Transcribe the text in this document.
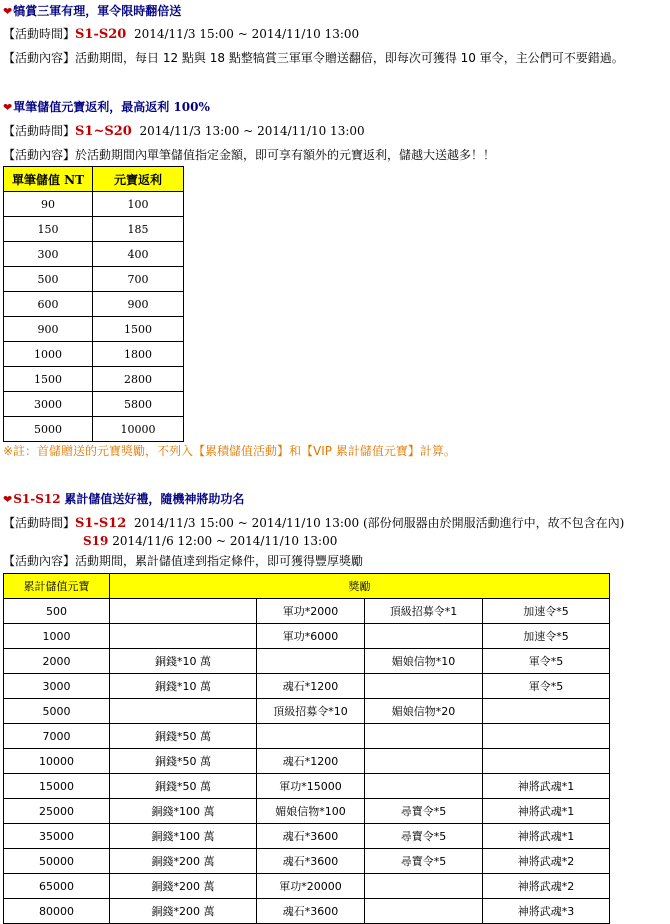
❤犒賞三軍有理，軍令限時翻倍送
【活動時間】S1-S20 2014/11/3 15:00 ~ 2014/11/10 13:00
【活動內容】活動期間，每日 12 點與 18 點整犒賞三軍軍令贈送翻倍，即每次可獲得 10 軍令，主公們可不要錯過。
❤單筆儲值元寶返利，最高返利 100%
【活動時間】S1~S20 2014/11/3 13:00 ~ 2014/11/10 13:00
【活動內容】於活動期間內單筆儲值指定金額，即可享有額外的元寶返利，儲越大送越多！！
單筆儲值 NT	元寶返利
90	100
150	185
300	400
500	700
600	900
900	1500
1000	1800
1500	2800
3000	5800
5000	10000
※註：首儲贈送的元寶獎勵，不列入【累積儲值活動】和【VIP 累計儲值元寶】計算。
❤S1-S12 累計儲值送好禮，隨機神將助功名
【活動時間】S1-S12 2014/11/3 15:00 ~ 2014/11/10 13:00 (部份伺服器由於開服活動進行中，故不包含在內)
S19 2014/11/6 12:00 ~ 2014/11/10 13:00
【活動內容】活動期間，累計儲值達到指定條件，即可獲得豐厚獎勵
累計儲值元寶	獎勵			
500		軍功*2000	頂級招募令*1	加速令*5
1000		軍功*6000		加速令*5
2000	銅錢*10 萬		媚娘信物*10	軍令*5
3000	銅錢*10 萬	魂石*1200		軍令*5
5000		頂級招募令*10	媚娘信物*20	
7000	銅錢*50 萬			
10000	銅錢*50 萬	魂石*1200		
15000	銅錢*50 萬	軍功*15000		神將武魂*1
25000	銅錢*100 萬	媚娘信物*100	尋寶令*5	神將武魂*1
35000	銅錢*100 萬	魂石*3600	尋寶令*5	神將武魂*1
50000	銅錢*200 萬	魂石*3600	尋寶令*5	神將武魂*2
65000	銅錢*200 萬	軍功*20000		神將武魂*2
80000	銅錢*200 萬	魂石*3600		神將武魂*3
